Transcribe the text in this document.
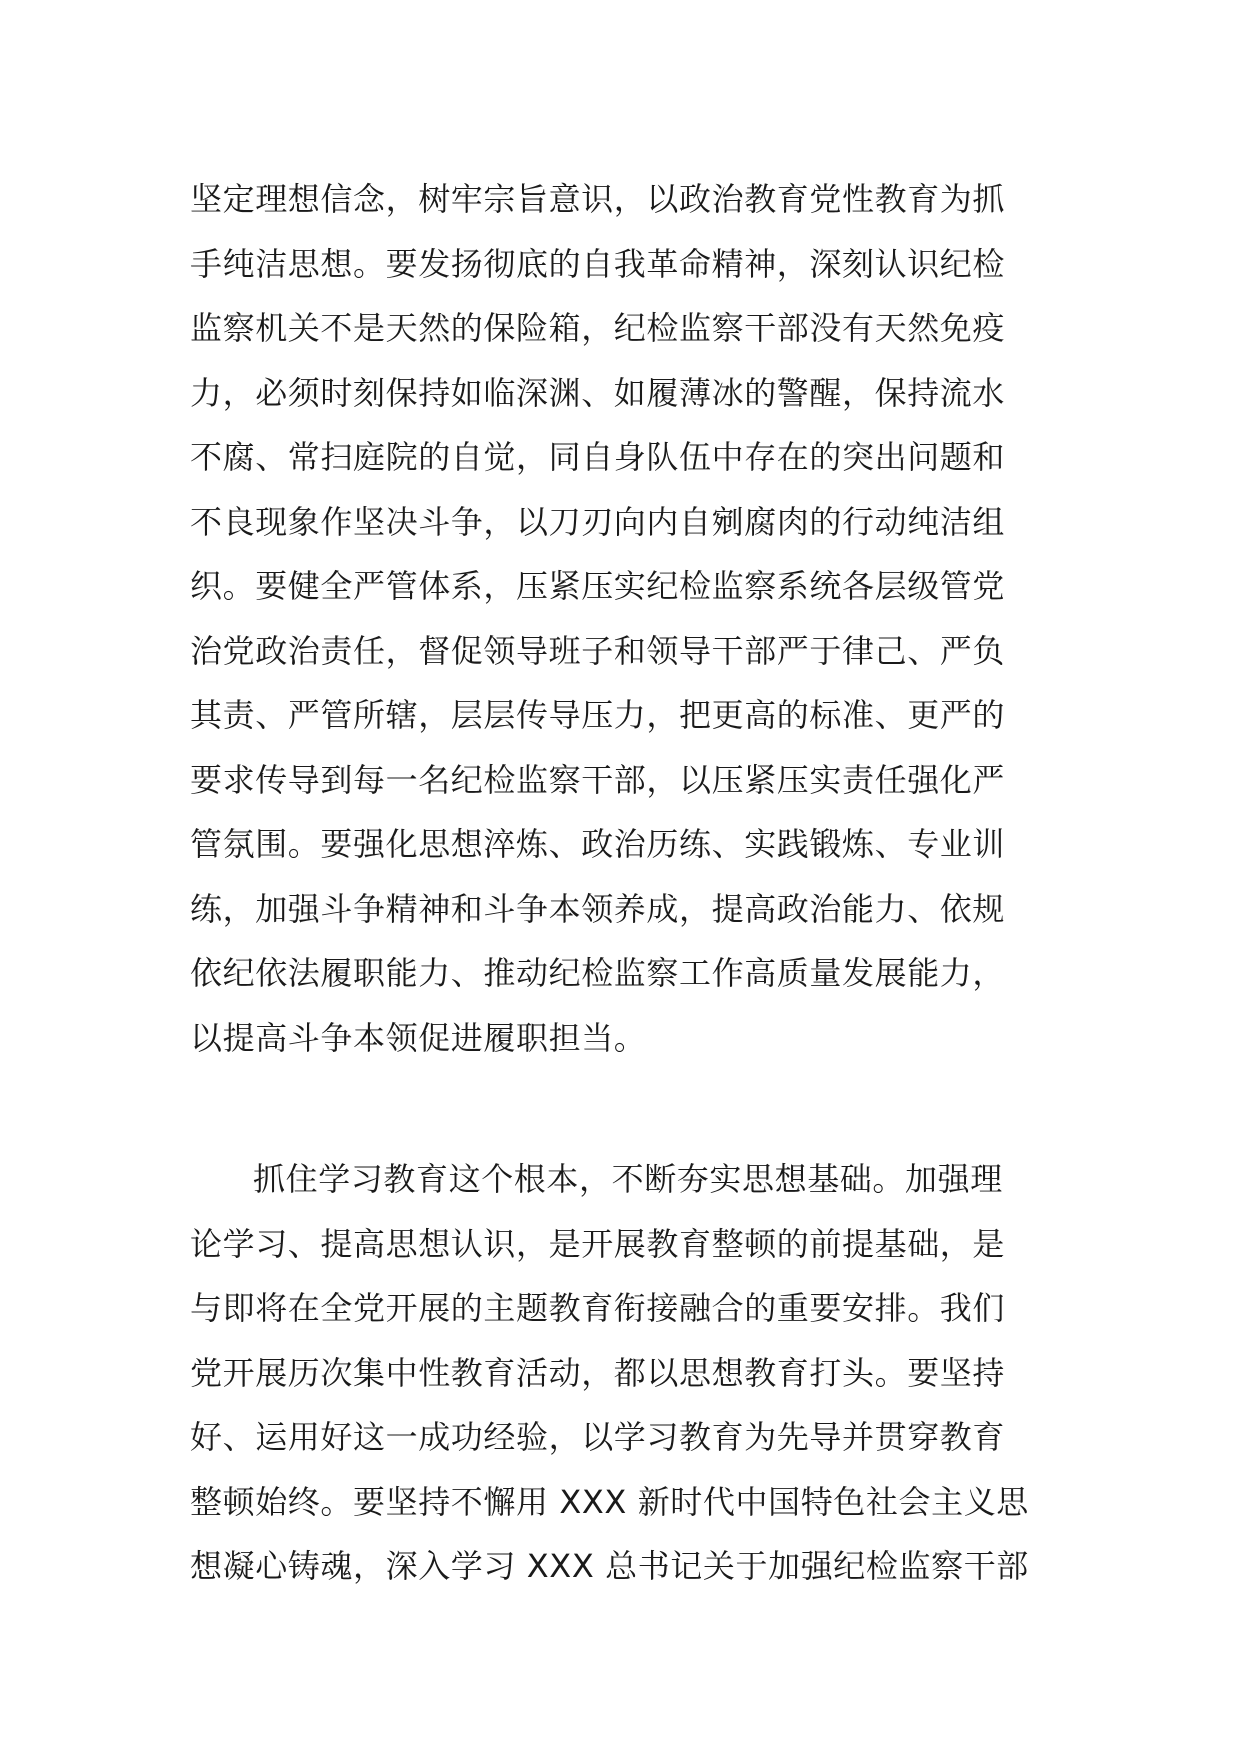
坚定理想信念，树牢宗旨意识，以政治教育党性教育为抓
手纯洁思想。要发扬彻底的自我革命精神，深刻认识纪检
监察机关不是天然的保险箱，纪检监察干部没有天然免疫
力，必须时刻保持如临深渊、如履薄冰的警醒，保持流水
不腐、常扫庭院的自觉，同自身队伍中存在的突出问题和
不良现象作坚决斗争，以刀刃向内自剜腐肉的行动纯洁组
织。要健全严管体系，压紧压实纪检监察系统各层级管党
治党政治责任，督促领导班子和领导干部严于律己、严负
其责、严管所辖，层层传导压力，把更高的标准、更严的
要求传导到每一名纪检监察干部，以压紧压实责任强化严
管氛围。要强化思想淬炼、政治历练、实践锻炼、专业训
练，加强斗争精神和斗争本领养成，提高政治能力、依规
依纪依法履职能力、推动纪检监察工作高质量发展能力，
以提高斗争本领促进履职担当。
抓住学习教育这个根本，不断夯实思想基础。加强理
论学习、提高思想认识，是开展教育整顿的前提基础，是
与即将在全党开展的主题教育衔接融合的重要安排。我们
党开展历次集中性教育活动，都以思想教育打头。要坚持
好、运用好这一成功经验，以学习教育为先导并贯穿教育
整顿始终。要坚持不懈用 XXX 新时代中国特色社会主义思
想凝心铸魂，深入学习 XXX 总书记关于加强纪检监察干部
